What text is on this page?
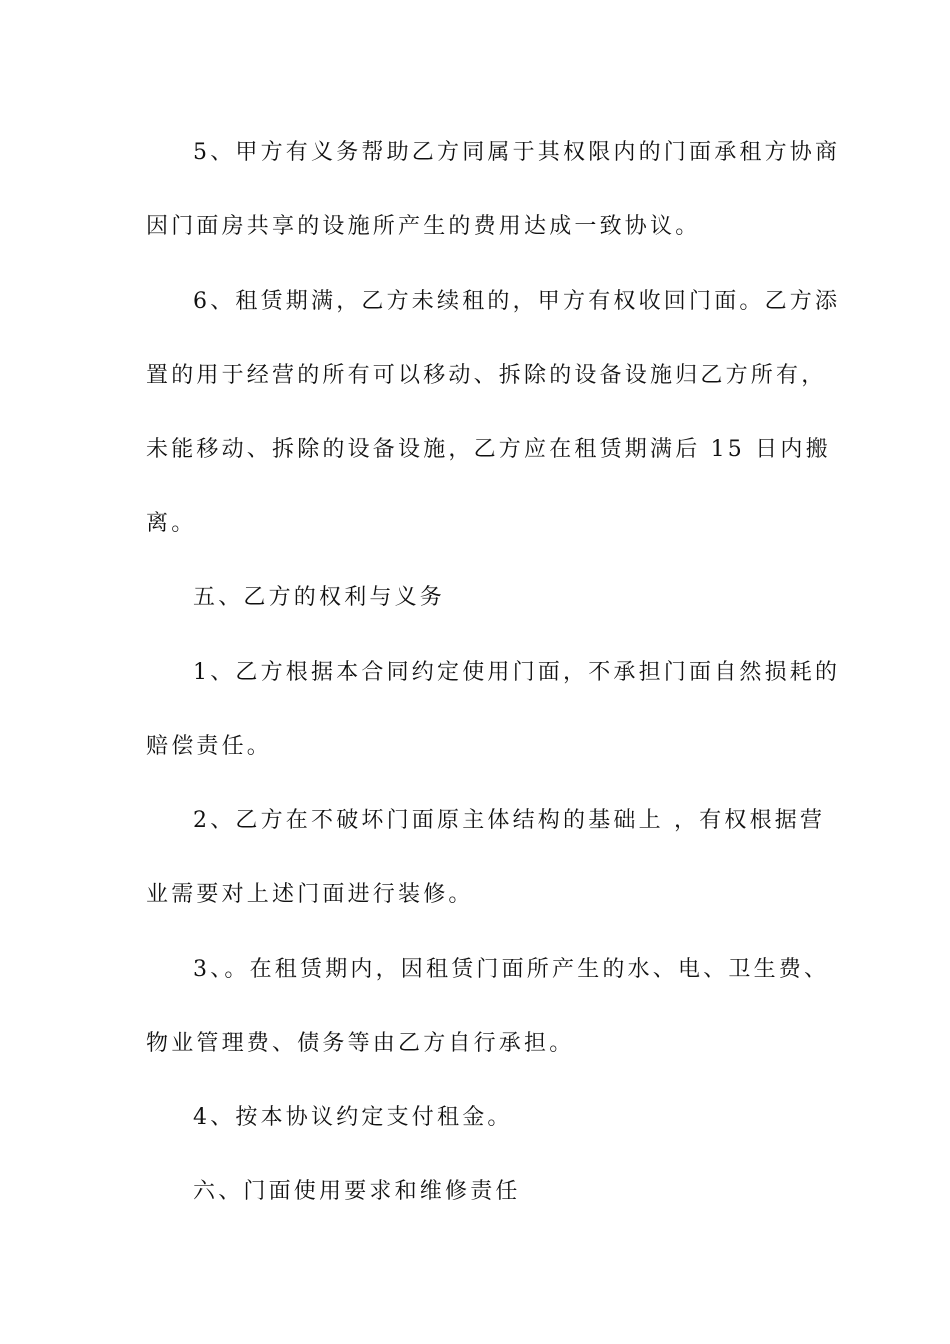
5、甲方有义务帮助乙方同属于其权限内的门面承租方协商

因门面房共享的设施所产生的费用达成一致协议。

6、租赁期满，乙方未续租的，甲方有权收回门面。乙方添

置的用于经营的所有可以移动、拆除的设备设施归乙方所有，

未能移动、拆除的设备设施，乙方应在租赁期满后 15 日内搬

离。

五、乙方的权利与义务

1、乙方根据本合同约定使用门面，不承担门面自然损耗的

赔偿责任。

2、乙方在不破坏门面原主体结构的基础上 ，有权根据营

业需要对上述门面进行装修。

3、。在租赁期内，因租赁门面所产生的水、电、卫生费、

物业管理费、债务等由乙方自行承担。

4、按本协议约定支付租金。

六、门面使用要求和维修责任
